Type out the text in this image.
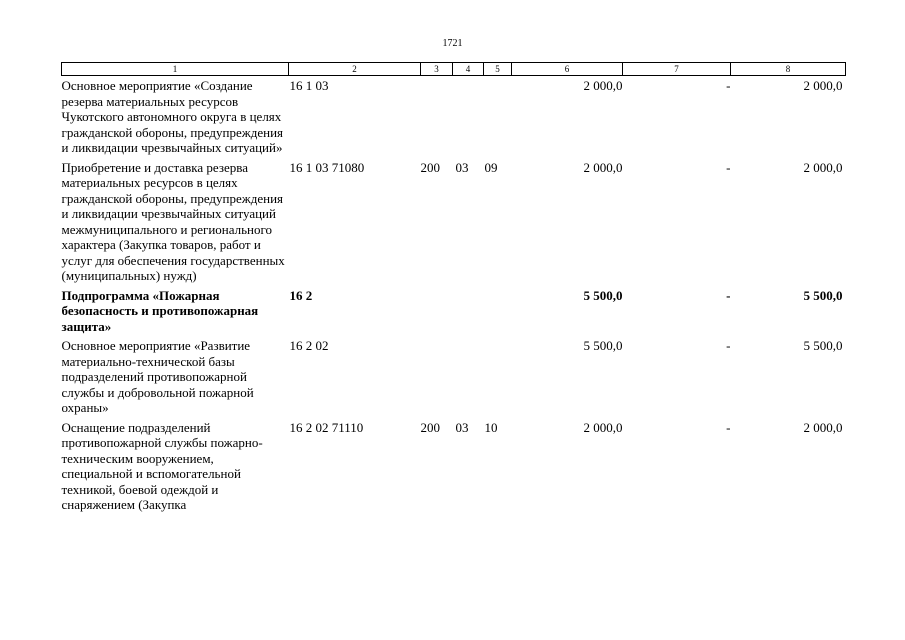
1721
1	2	3	4	5	6	7	8
Основное мероприятие «Создание резерва материальных ресурсов Чукотского автономного округа в целях гражданской обороны, предупреждения и ликвидации чрезвычайных ситуаций»	16 1 03				2 000,0	-	2 000,0
Приобретение и доставка резерва материальных ресурсов в целях гражданской обороны, предупреждения и ликвидации чрезвычайных ситуаций межмуниципального и регионального характера (Закупка товаров, работ и услуг для обеспечения государственных (муниципальных) нужд)	16 1 03 71080	200	03	09	2 000,0	-	2 000,0
Подпрограмма «Пожарная безопасность и противопожарная защита»	16 2				5 500,0	-	5 500,0
Основное мероприятие «Развитие материально-технической базы подразделений противопожарной службы и добровольной пожарной охраны»	16 2 02				5 500,0	-	5 500,0
Оснащение подразделений противопожарной службы пожарно-техническим вооружением, специальной и вспомогательной техникой, боевой одеждой и снаряжением (Закупка	16 2 02 71110	200	03	10	2 000,0	-	2 000,0
